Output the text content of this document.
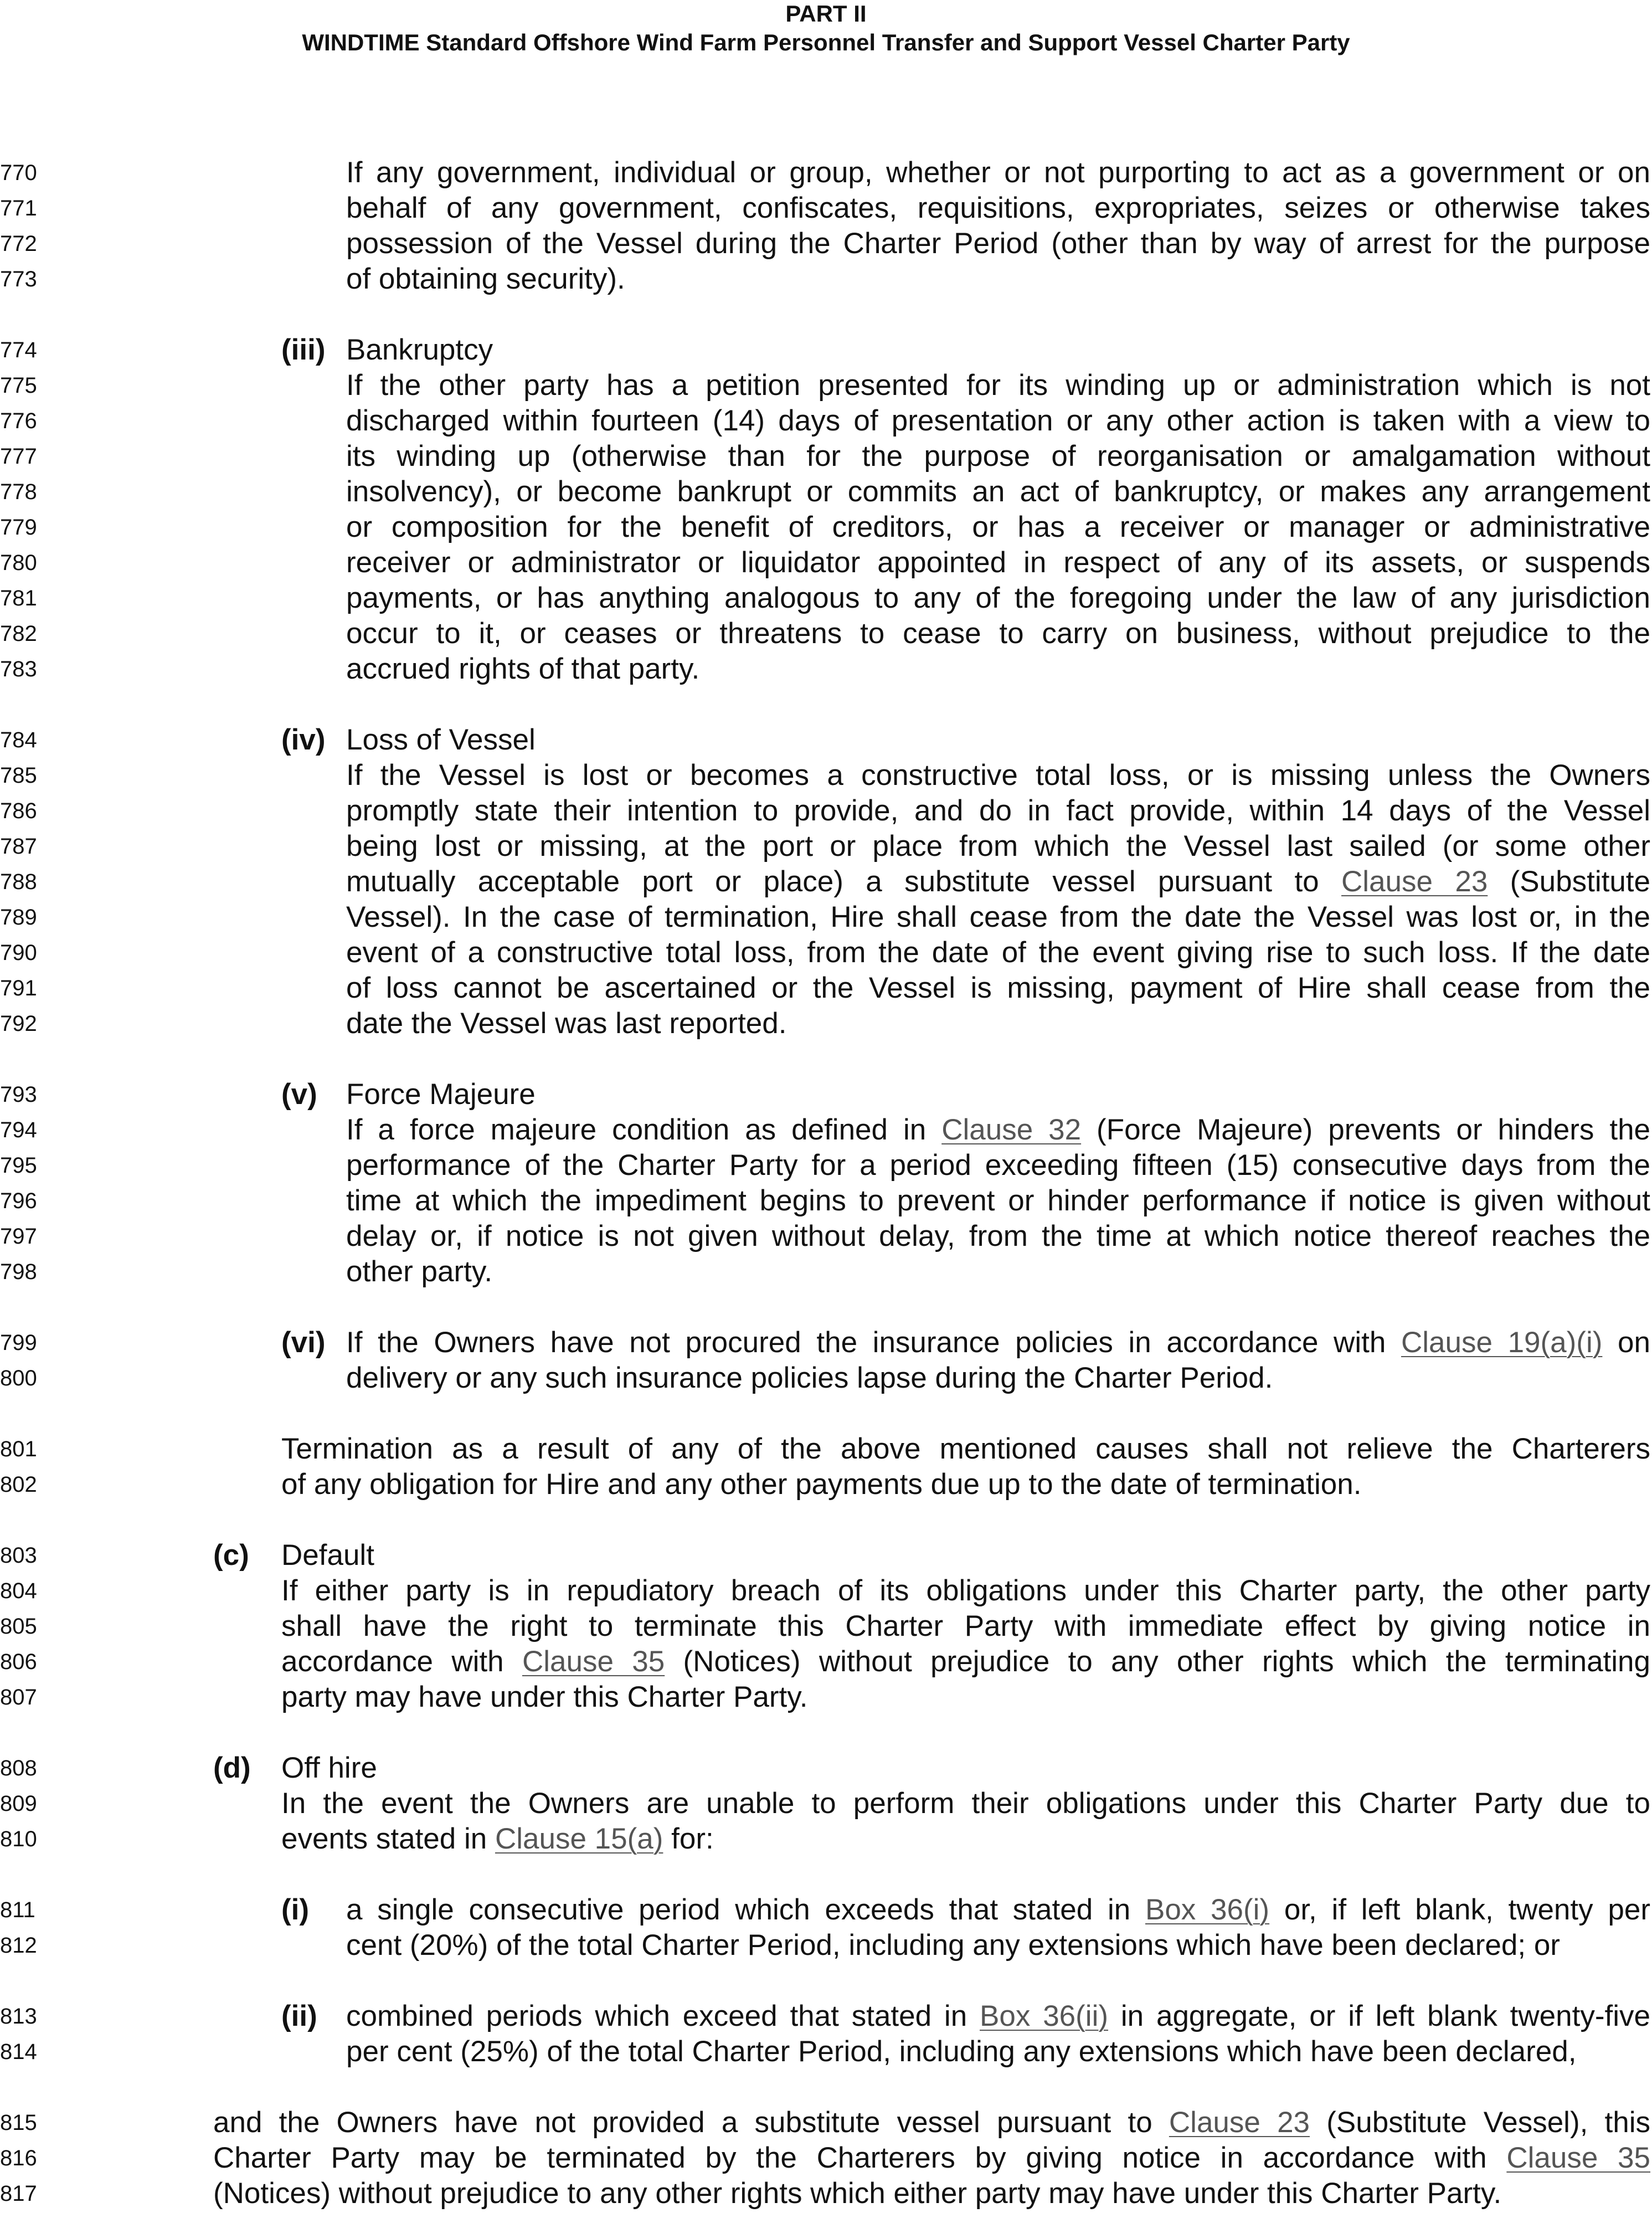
PART II
WINDTIME Standard Offshore Wind Farm Personnel Transfer and Support Vessel Charter Party
770	If any government, individual or group, whether or not purporting to act as a government or on
771	behalf of any government, confiscates, requisitions, expropriates, seizes or otherwise takes
772	possession of the Vessel during the Charter Period (other than by way of arrest for the purpose
773	of obtaining security).
774	(iii) Bankruptcy
775	If the other party has a petition presented for its winding up or administration which is not
776	discharged within fourteen (14) days of presentation or any other action is taken with a view to
777	its winding up (otherwise than for the purpose of reorganisation or amalgamation without
778	insolvency), or become bankrupt or commits an act of bankruptcy, or makes any arrangement
779	or composition for the benefit of creditors, or has a receiver or manager or administrative
780	receiver or administrator or liquidator appointed in respect of any of its assets, or suspends
781	payments, or has anything analogous to any of the foregoing under the law of any jurisdiction
782	occur to it, or ceases or threatens to cease to carry on business, without prejudice to the
783	accrued rights of that party.
784	(iv) Loss of Vessel
785	If the Vessel is lost or becomes a constructive total loss, or is missing unless the Owners
786	promptly state their intention to provide, and do in fact provide, within 14 days of the Vessel
787	being lost or missing, at the port or place from which the Vessel last sailed (or some other
788	mutually acceptable port or place) a substitute vessel pursuant to Clause 23 (Substitute
789	Vessel). In the case of termination, Hire shall cease from the date the Vessel was lost or, in the
790	event of a constructive total loss, from the date of the event giving rise to such loss. If the date
791	of loss cannot be ascertained or the Vessel is missing, payment of Hire shall cease from the
792	date the Vessel was last reported.
793	(v) Force Majeure
794	If a force majeure condition as defined in Clause 32 (Force Majeure) prevents or hinders the
795	performance of the Charter Party for a period exceeding fifteen (15) consecutive days from the
796	time at which the impediment begins to prevent or hinder performance if notice is given without
797	delay or, if notice is not given without delay, from the time at which notice thereof reaches the
798	other party.
799	(vi) If the Owners have not procured the insurance policies in accordance with Clause 19(a)(i) on
800	delivery or any such insurance policies lapse during the Charter Period.
801	Termination as a result of any of the above mentioned causes shall not relieve the Charterers
802	of any obligation for Hire and any other payments due up to the date of termination.
803	(c) Default
804	If either party is in repudiatory breach of its obligations under this Charter party, the other party
805	shall have the right to terminate this Charter Party with immediate effect by giving notice in
806	accordance with Clause 35 (Notices) without prejudice to any other rights which the terminating
807	party may have under this Charter Party.
808	(d) Off hire
809	In the event the Owners are unable to perform their obligations under this Charter Party due to
810	events stated in Clause 15(a) for:
811	(i) a single consecutive period which exceeds that stated in Box 36(i) or, if left blank, twenty per
812	cent (20%) of the total Charter Period, including any extensions which have been declared; or
813	(ii) combined periods which exceed that stated in Box 36(ii) in aggregate, or if left blank twenty-five
814	per cent (25%) of the total Charter Period, including any extensions which have been declared,
815	and the Owners have not provided a substitute vessel pursuant to Clause 23 (Substitute Vessel), this
816	Charter Party may be terminated by the Charterers by giving notice in accordance with Clause 35
817	(Notices) without prejudice to any other rights which either party may have under this Charter Party.
